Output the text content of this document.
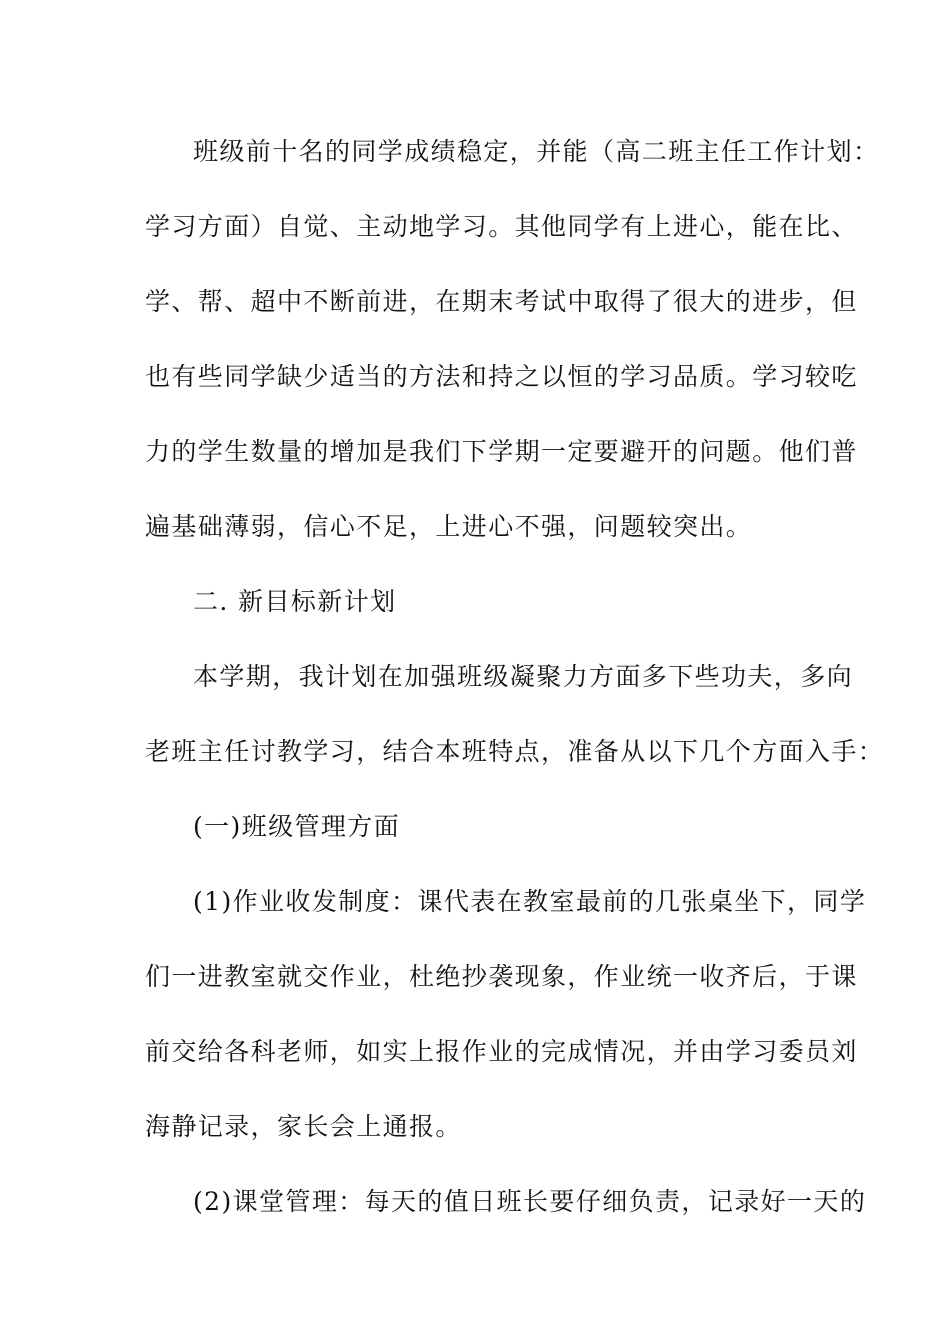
班级前十名的同学成绩稳定，并能（高二班主任工作计划：
学习方面）自觉、主动地学习。其他同学有上进心，能在比、
学、帮、超中不断前进，在期末考试中取得了很大的进步，但
也有些同学缺少适当的方法和持之以恒的学习品质。学习较吃
力的学生数量的增加是我们下学期一定要避开的问题。他们普
遍基础薄弱，信心不足，上进心不强，问题较突出。
二. 新目标新计划
本学期，我计划在加强班级凝聚力方面多下些功夫，多向
老班主任讨教学习，结合本班特点，准备从以下几个方面入手：
(一)班级管理方面
(1)作业收发制度：课代表在教室最前的几张桌坐下，同学
们一进教室就交作业，杜绝抄袭现象，作业统一收齐后，于课
前交给各科老师，如实上报作业的完成情况，并由学习委员刘
海静记录，家长会上通报。
(2)课堂管理：每天的值日班长要仔细负责，记录好一天的
